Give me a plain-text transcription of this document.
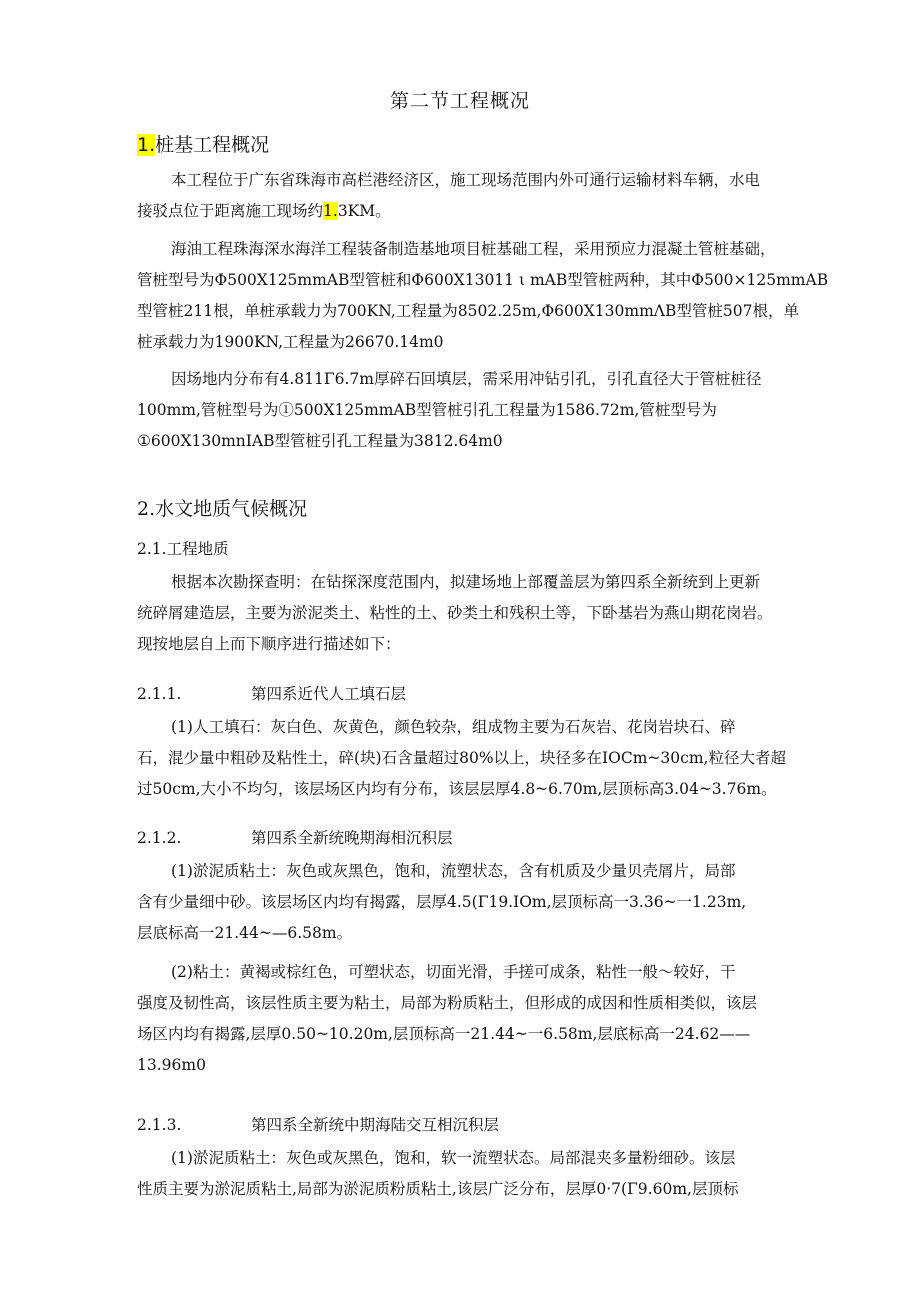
第二节工程概况
1.桩基工程概况
本工程位于广东省珠海市高栏港经济区，施工现场范围内外可通行运输材料车辆，水电
接驳点位于距离施工现场约1.3KM。
海油工程珠海深水海洋工程装备制造基地项目桩基础工程，采用预应力混凝土管桩基础，
管桩型号为Φ500X125mmAB型管桩和Φ600X13011 ι mAB型管桩两种，其中Φ500×125mmAB
型管桩211根，单桩承载力为700KN,工程量为8502.25m,Φ600X130mmΛB型管桩507根，单
桩承载力为1900KN,工程量为26670.14m0
因场地内分布有4.811Γ6.7m厚碎石回填层，需采用冲钻引孔，引孔直径大于管桩桩径
100mm,管桩型号为①500X125mmAB型管桩引孔工程量为1586.72m,管桩型号为
①600X130mnIAB型管桩引孔工程量为3812.64m0
2.水文地质气候概况
2.1.工程地质
根据本次勘探查明：在钻探深度范围内，拟建场地上部覆盖层为第四系全新统到上更新
统碎屑建造层，主要为淤泥类土、粘性的土、砂类土和残积土等，下卧基岩为燕山期花岗岩。
现按地层自上而下顺序进行描述如下：
2.1.1.	第四系近代人工填石层
(1)人工填石：灰白色、灰黄色，颜色较杂，组成物主要为石灰岩、花岗岩块石、碎
石，混少量中粗砂及粘性土，碎(块)石含量超过80%以上，块径多在IOCm~30cm,粒径大者超
过50cm,大小不均匀，该层场区内均有分布，该层层厚4.8~6.70m,层顶标高3.04~3.76m。
2.1.2.	第四系全新统晚期海相沉积层
(1)淤泥质粘土：灰色或灰黑色，饱和，流塑状态，含有机质及少量贝壳屑片，局部
含有少量细中砂。该层场区内均有揭露，层厚4.5(Γ19.IOm,层顶标高一3.36~一1.23m,
层底标高一21.44~—6.58m。
(2)粘土：黄褐或棕红色，可塑状态，切面光滑，手搓可成条，粘性一般～较好，干
强度及韧性高，该层性质主要为粘土，局部为粉质粘土，但形成的成因和性质相类似，该层
场区内均有揭露,层厚0.50~10.20m,层顶标高一21.44~一6.58m,层底标高一24.62——
13.96m0
2.1.3.	第四系全新统中期海陆交互相沉积层
(1)淤泥质粘土：灰色或灰黑色，饱和，软一流塑状态。局部混夹多量粉细砂。该层
性质主要为淤泥质粘土,局部为淤泥质粉质粘土,该层广泛分布，层厚0·7(Γ9.60m,层顶标
